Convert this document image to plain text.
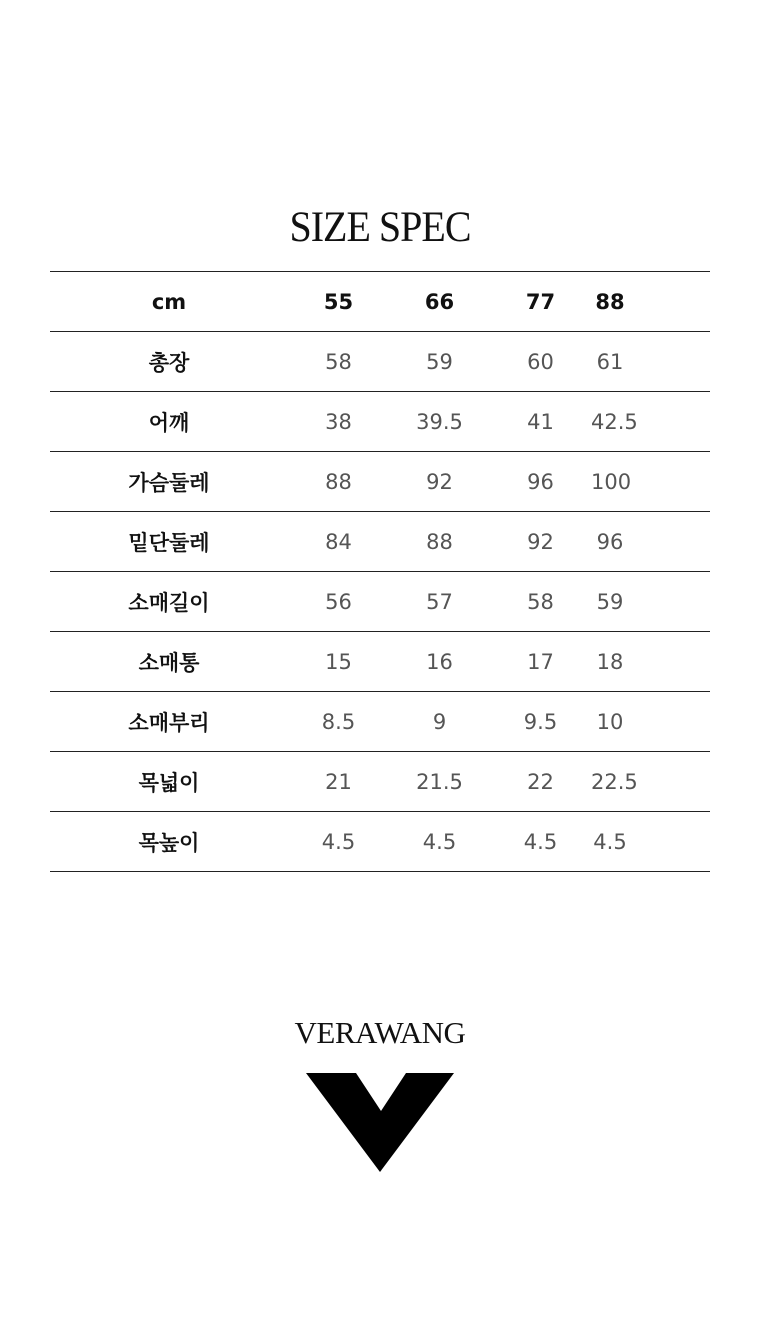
SIZE SPEC
cm	55	66	77	88
총장	58	59	60	61
어깨	38	39.5	41	42.5
가슴둘레	88	92	96	100
밑단둘레	84	88	92	96
소매길이	56	57	58	59
소매통	15	16	17	18
소매부리	8.5	9	9.5	10
목넓이	21	21.5	22	22.5
목높이	4.5	4.5	4.5	4.5
VERAWANG
